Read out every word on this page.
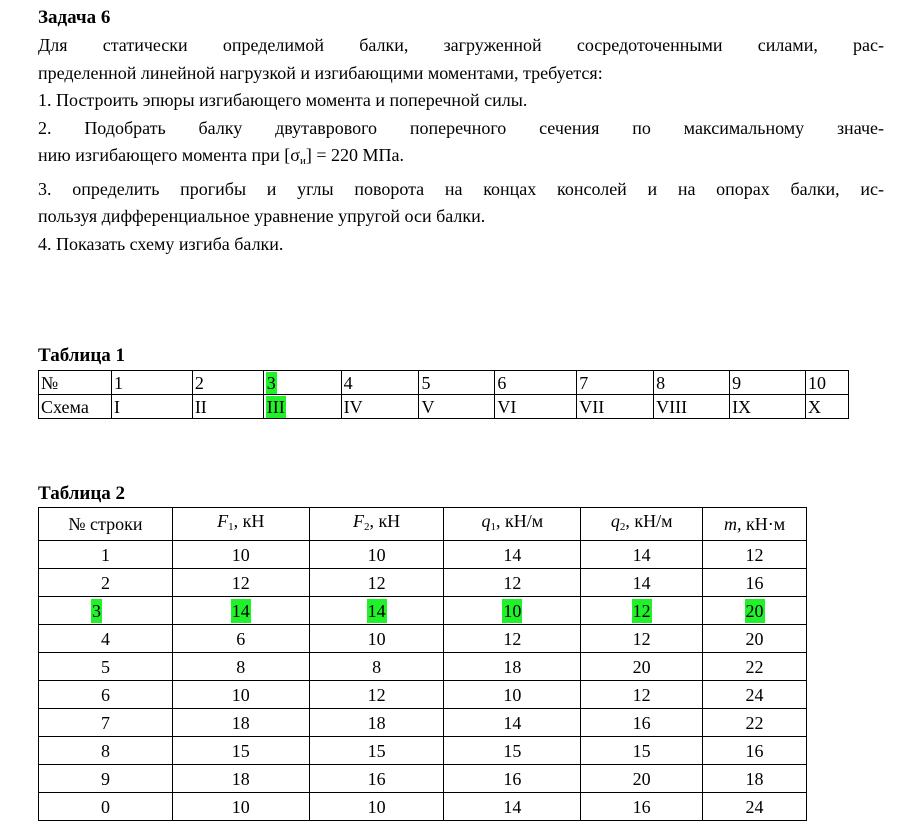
Задача 6
Для статически определимой балки, загруженной сосредоточенными силами, рас-
пределенной линейной нагрузкой и изгибающими моментами, требуется:
1. Построить эпюры изгибающего момента и поперечной силы.
2. Подобрать балку двутаврового поперечного сечения по максимальному значе-
нию изгибающего момента при $[\sigma_и] = 220$ МПа.
3. определить прогибы и углы поворота на концах консолей и на опорах балки, ис-
пользуя дифференциальное уравнение упругой оси балки.
4. Показать схему изгиба балки.
Таблица 1
№	1	2	3	4	5	6	7	8	9	10
Схема	I	II	III	IV	V	VI	VII	VIII	IX	X
Таблица 2
№ строки	$F_1$, кН	$F_2$, кН	$q_1$, кН/м	$q_2$, кН/м	m, кН·м
1	10	10	14	14	12
2	12	12	12	14	16
3	14	14	10	12	20
4	6	10	12	12	20
5	8	8	18	20	22
6	10	12	10	12	24
7	18	18	14	16	22
8	15	15	15	15	16
9	18	16	16	20	18
0	10	10	14	16	24
